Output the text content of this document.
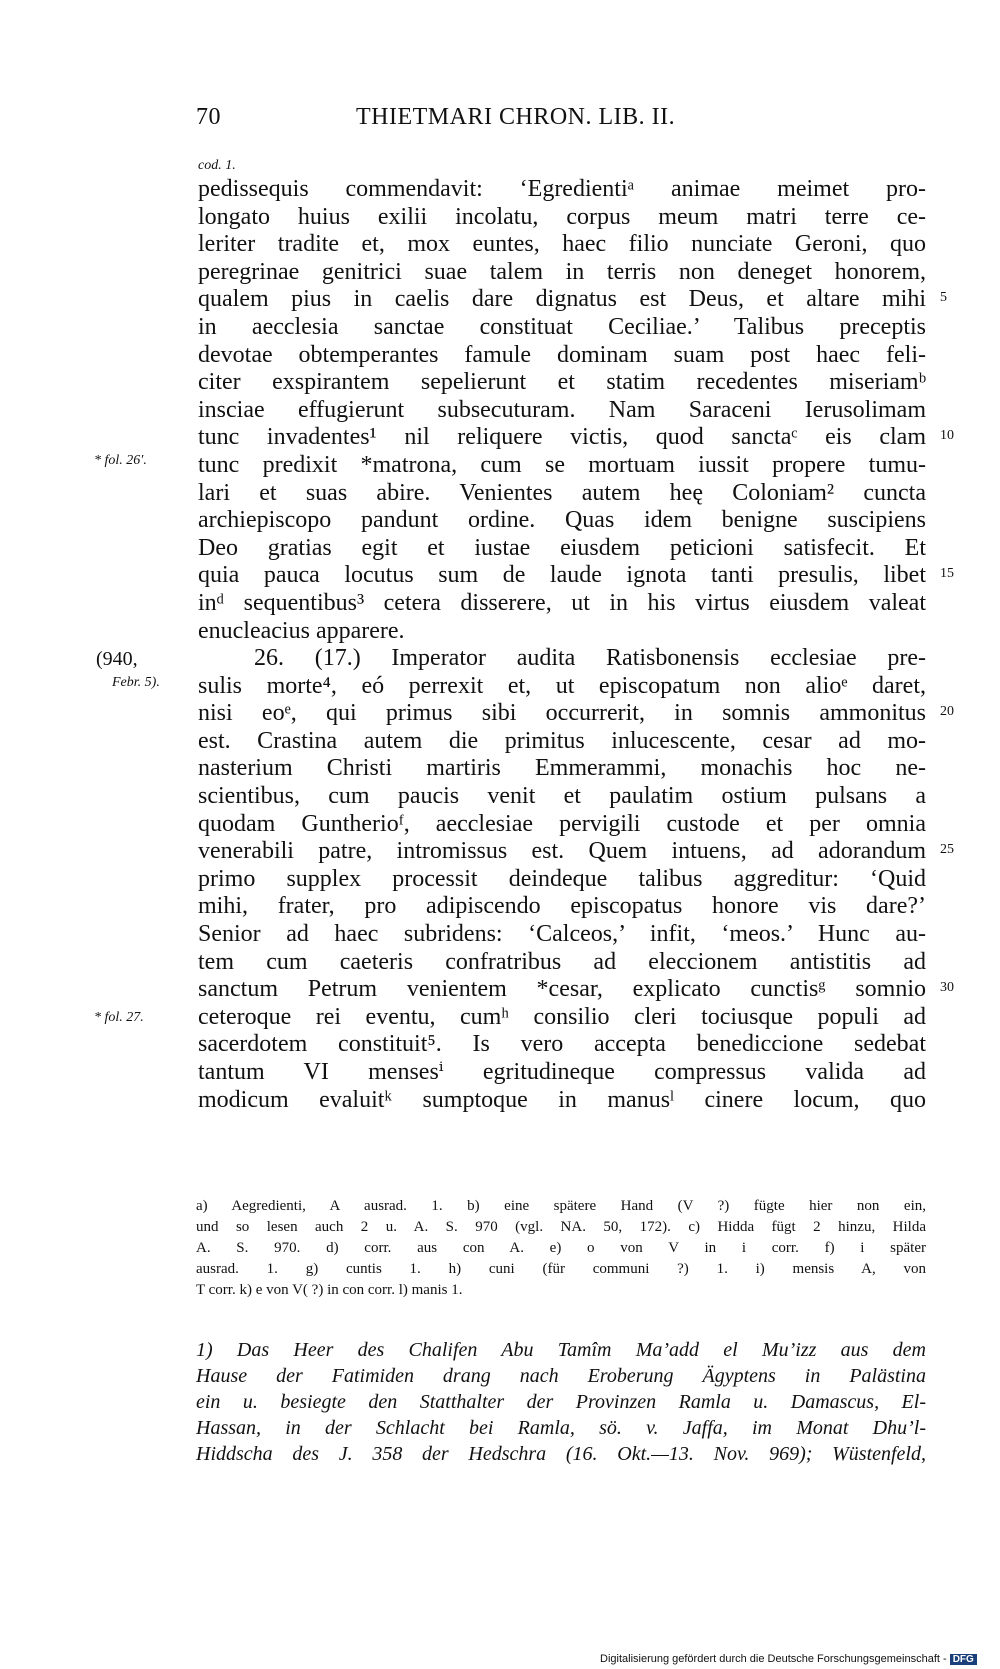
70	THIETMARI CHRON. LIB. II.
cod. 1.
pedissequis commendavit: ‘Egredientiᵃ animae meimet pro-
longato huius exilii incolatu, corpus meum matri terre ce-
leriter tradite et, mox euntes, haec filio nunciate Geroni, quo
peregrinae genitrici suae talem in terris non deneget honorem,
qualem pius in caelis dare dignatus est Deus, et altare mihi
in aecclesia sanctae constituat Ceciliae.’ Talibus preceptis
devotae obtemperantes famule dominam suam post haec feli-
citer exspirantem sepelierunt et statim recedentes miseriamᵇ
insciae effugierunt subsecuturam. Nam Saraceni Ierusolimam
tunc invadentes¹ nil reliquere victis, quod sanctaᶜ eis clam
tunc predixit *matrona, cum se mortuam iussit propere tumu-
lari et suas abire. Venientes autem heę Coloniam² cuncta
archiepiscopo pandunt ordine. Quas idem benigne suscipiens
Deo gratias egit et iustae eiusdem peticioni satisfecit. Et
quia pauca locutus sum de laude ignota tanti presulis, libet
inᵈ sequentibus³ cetera disserere, ut in his virtus eiusdem valeat
enucleacius apparere.
26. (17.) Imperator audita Ratisbonensis ecclesiae pre-
sulis morte⁴, eó perrexit et, ut episcopatum non alioᵉ daret,
nisi eoᵉ, qui primus sibi occurrerit, in somnis ammonitus
est. Crastina autem die primitus inlucescente, cesar ad mo-
nasterium Christi martiris Emmerammi, monachis hoc ne-
scientibus, cum paucis venit et paulatim ostium pulsans a
quodam Guntherioᶠ, aecclesiae pervigili custode et per omnia
venerabili patre, intromissus est. Quem intuens, ad adorandum
primo supplex processit deindeque talibus aggreditur: ‘Quid
mihi, frater, pro adipiscendo episcopatus honore vis dare?’
Senior ad haec subridens: ‘Calceos,’ infit, ‘meos.’ Hunc au-
tem cum caeteris confratribus ad eleccionem antistitis ad
sanctum Petrum venientem *cesar, explicato cunctisᵍ somnio
ceteroque rei eventu, cumʰ consilio cleri tociusque populi ad
sacerdotem constituit⁵. Is vero accepta benediccione sedebat
tantum VI mensesⁱ egritudineque compressus valida ad
modicum evaluitᵏ sumptoque in manusˡ cinere locum, quo
5
10
15
20
25
30
* fol. 26′.
* fol. 27.
(940,
Febr. 5).
a) Aegredienti, A ausrad. 1. b) eine spätere Hand (V ?) fügte hier non ein,
und so lesen auch 2 u. A. S. 970 (vgl. NA. 50, 172). c) Hidda fügt 2 hinzu, Hilda
A. S. 970. d) corr. aus con A. e) o von V in i corr. f) i später
ausrad. 1. g) cuntis 1. h) cuni (für communi ?) 1. i) mensis A, von
T corr. k) e von V( ?) in con corr. l) manis 1.
1) Das Heer des Chalifen Abu Tamîm Ma’add el Mu’izz aus dem
Hause der Fatimiden drang nach Eroberung Ägyptens in Palästina
ein u. besiegte den Statthalter der Provinzen Ramla u. Damascus, El-
Hassan, in der Schlacht bei Ramla, sö. v. Jaffa, im Monat Dhu’l-
Hiddscha des J. 358 der Hedschra (16. Okt.—13. Nov. 969); Wüstenfeld,
Digitalisierung gefördert durch die Deutsche Forschungsgemeinschaft - DFG
